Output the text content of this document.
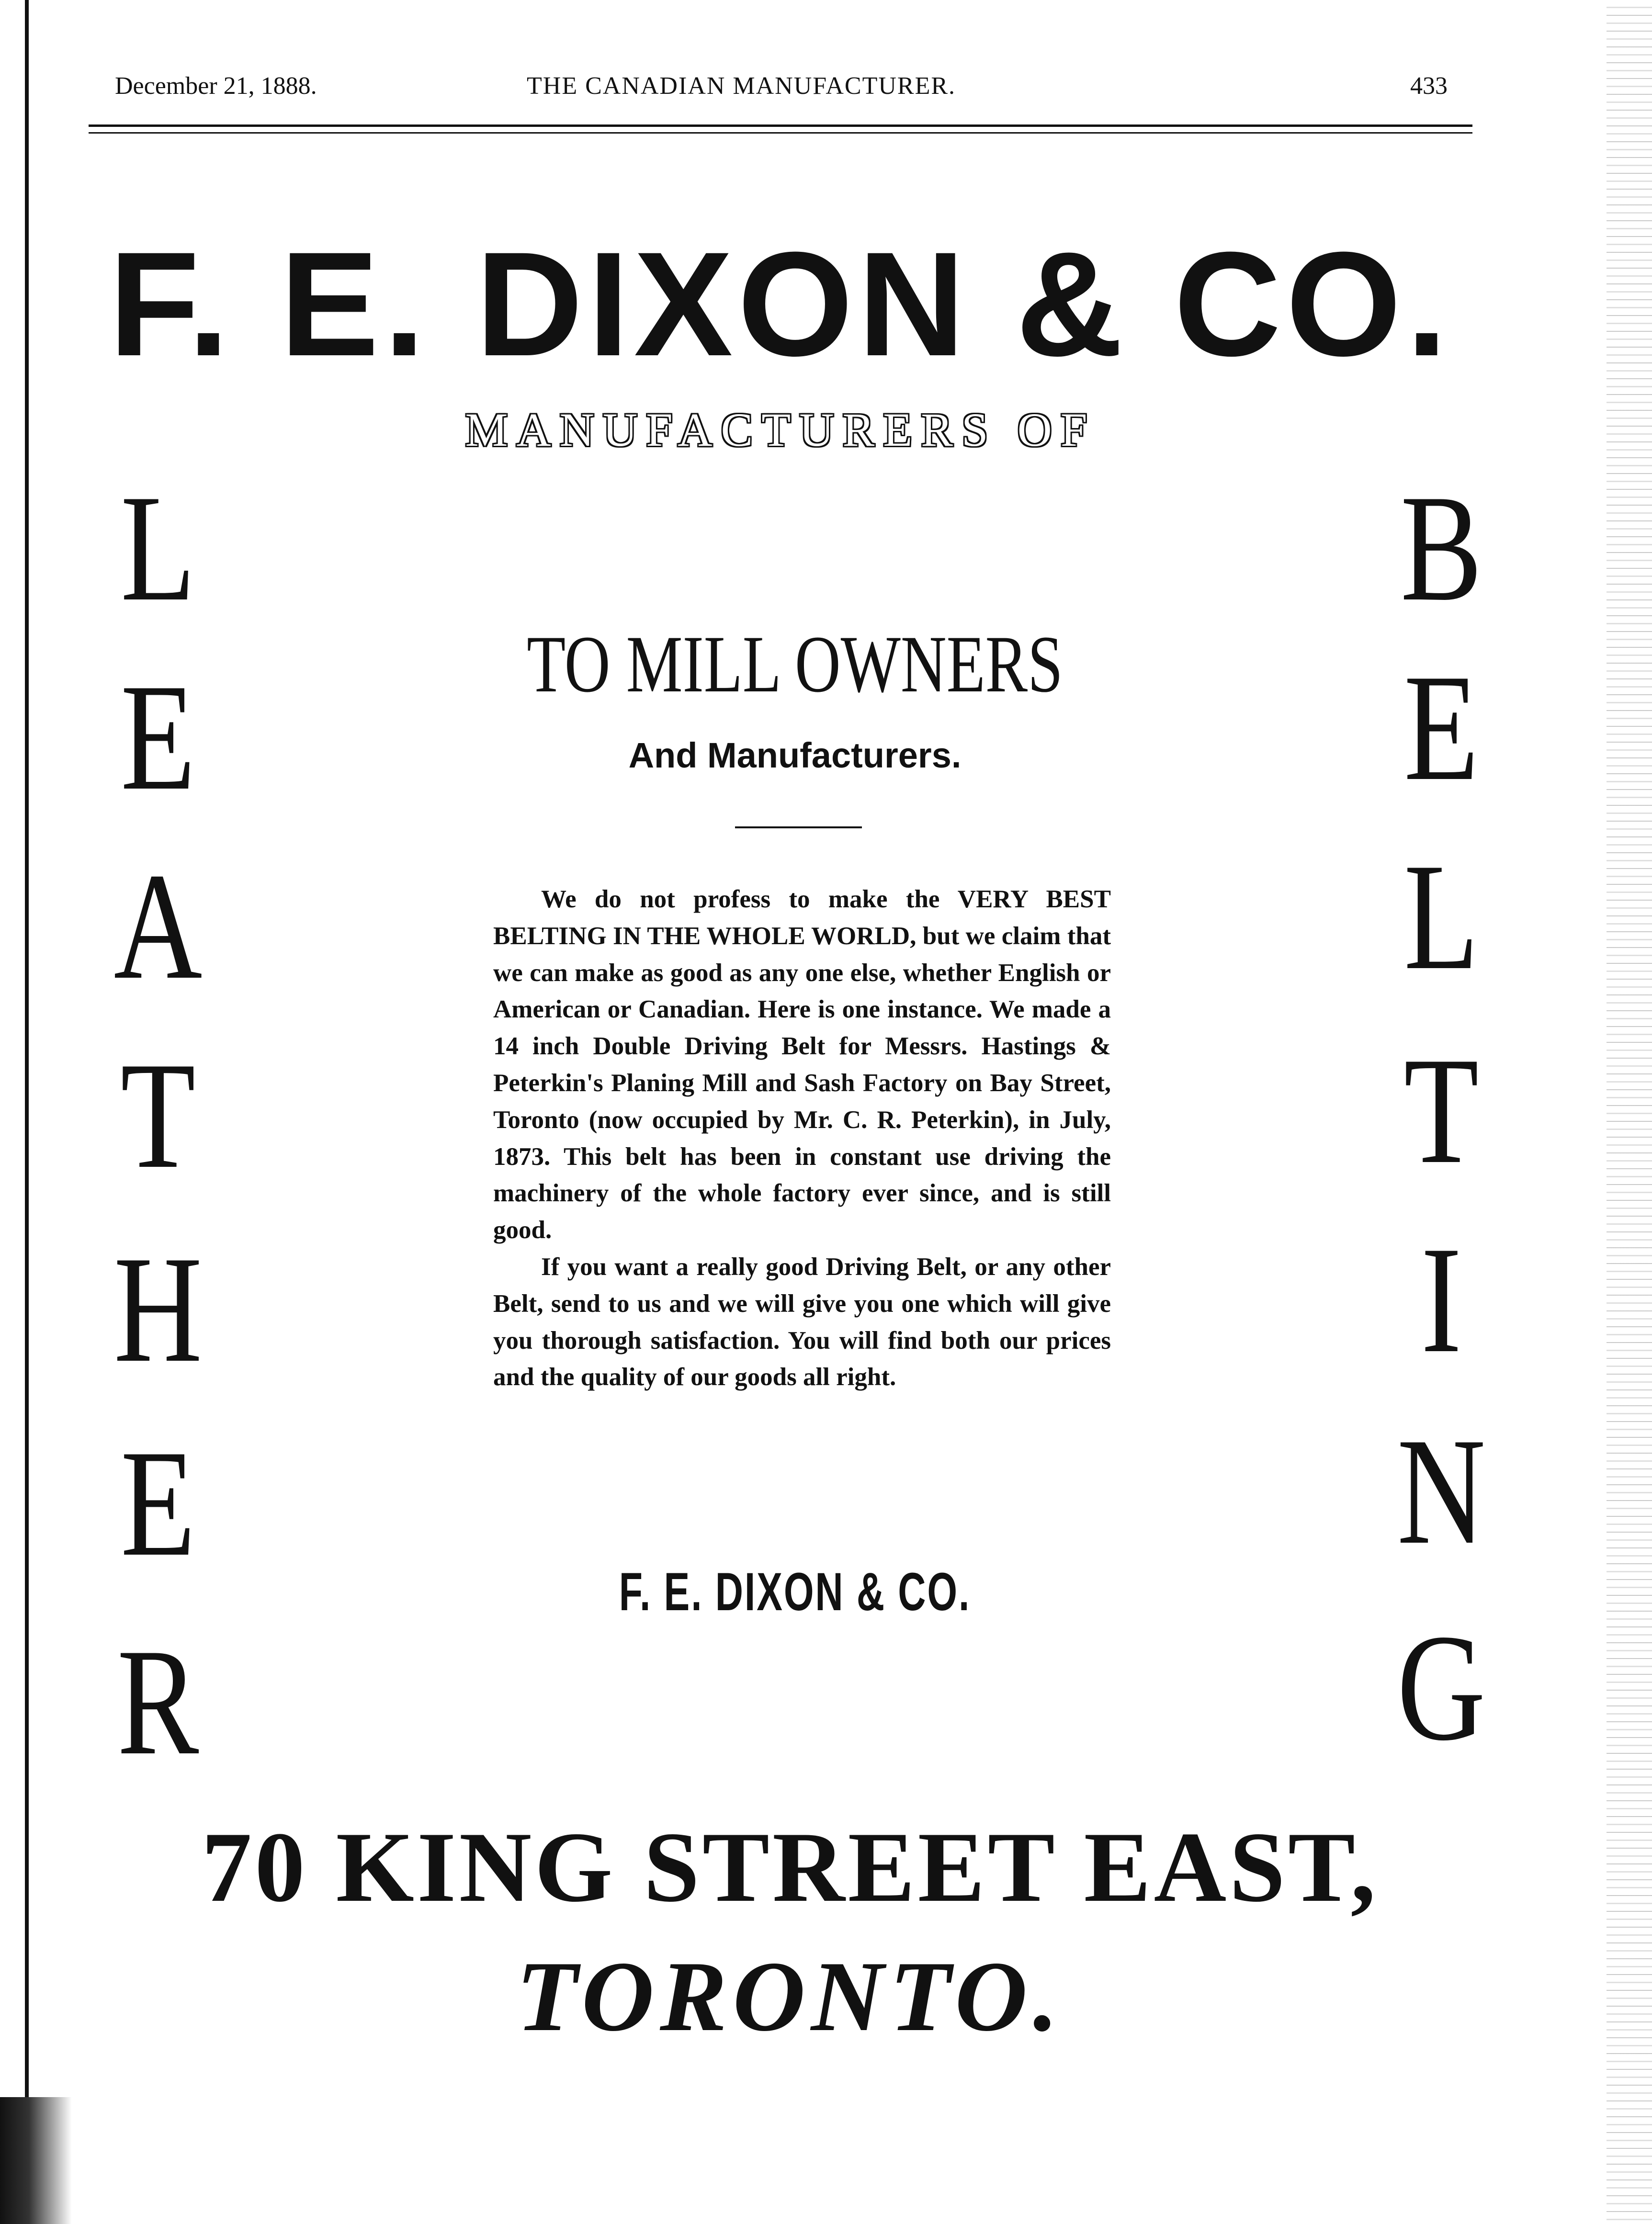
December 21, 1888.	THE CANADIAN MANUFACTURER.	433
F. E. DIXON & CO.
MANUFACTURERS OF
L
E
A
T
H
E
R
B
E
L
T
I
N
G
TO MILL OWNERS
And Manufacturers.

We do not profess to make the VERY BEST BELTING IN THE WHOLE WORLD, but we claim that we can make as good as any one else, whether English or American or Canadian. Here is one instance. We made a 14 inch Double Driving Belt for Messrs. Hastings & Peterkin's Planing Mill and Sash Factory on Bay Street, Toronto (now occupied by Mr. C. R. Peterkin), in July, 1873. This belt has been in constant use driving the machinery of the whole factory ever since, and is still good.

If you want a really good Driving Belt, or any other Belt, send to us and we will give you one which will give you thorough satisfaction. You will find both our prices and the quality of our goods all right.

F. E. DIXON & CO.
70 KING STREET EAST,
TORONTO.
